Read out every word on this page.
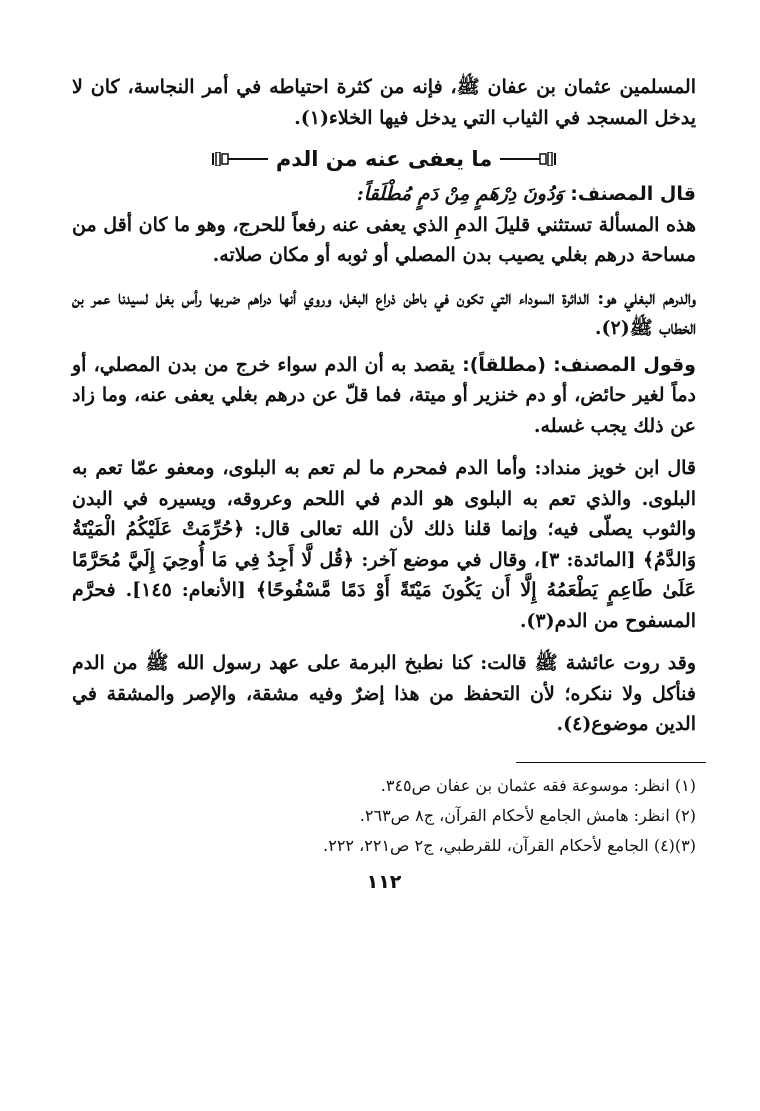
المسلمين عثمان بن عفان ﷺ، فإنه من كثرة احتياطه في أمر النجاسة، كان لا يدخل المسجد في الثياب التي يدخل فيها الخلاء(١).

ما يعفى عنه من الدم

قال المصنف: وَدُونَ دِرْهَمٍ مِنْ دَمٍ مُطْلَقاً:

هذه المسألة تستثني قليلَ الدمِ الذي يعفى عنه رفعاً للحرج، وهو ما كان أقل من مساحة درهم بغلي يصيب بدن المصلي أو ثوبه أو مكان صلاته.

والدرهم البغلي هو: الدائرة السوداء التي تكون في باطن ذراع البغل، وروي أنها دراهم ضربها رأس بغل لسيدنا عمر بن الخطاب ﷺ(٢).

وقول المصنف: (مطلقاً): يقصد به أن الدم سواء خرج من بدن المصلي، أو دماً لغير حائض، أو دم خنزير أو ميتة، فما قلّ عن درهم بغلي يعفى عنه، وما زاد عن ذلك يجب غسله.

قال ابن خويز منداد: وأما الدم فمحرم ما لم تعم به البلوى، ومعفو عمّا تعم به البلوى. والذي تعم به البلوى هو الدم في اللحم وعروقه، ويسيره في البدن والثوب يصلّى فيه؛ وإنما قلنا ذلك لأن الله تعالى قال: ﴿حُرِّمَتْ عَلَيْكُمُ الْمَيْتَةُ وَالدَّمُ﴾ [المائدة: ٣]، وقال في موضع آخر: ﴿قُل لَّا أَجِدُ فِي مَا أُوحِيَ إِلَيَّ مُحَرَّمًا عَلَىٰ طَاعِمٍ يَطْعَمُهُ إِلَّا أَن يَكُونَ مَيْتَةً أَوْ دَمًا مَّسْفُوحًا﴾ [الأنعام: ١٤٥]. فحرَّم المسفوح من الدم(٣).

وقد روت عائشة ﷺ قالت: كنا نطبخ البرمة على عهد رسول الله ﷺ من الدم فنأكل ولا ننكره؛ لأن التحفظ من هذا إضرٌ وفيه مشقة، والإصر والمشقة في الدين موضوع(٤).

(١) انظر: موسوعة فقه عثمان بن عفان ص٣٤٥.

(٢) انظر: هامش الجامع لأحكام القرآن، ج٨ ص٢٦٣.

(٣)(٤) الجامع لأحكام القرآن، للقرطبي، ج٢ ص٢٢١، ٢٢٢.

١١٢
